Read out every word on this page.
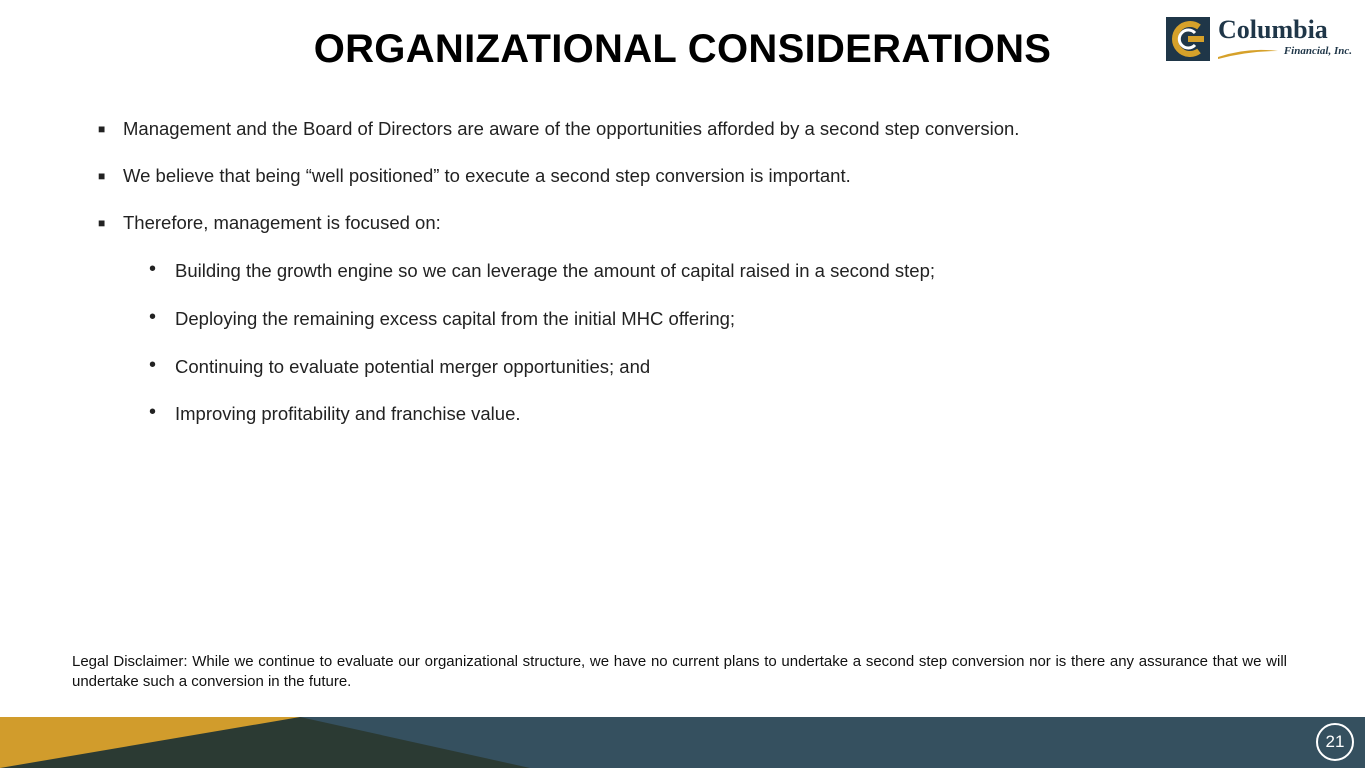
ORGANIZATIONAL CONSIDERATIONS	Columbia
Financial, Inc.
■ Management and the Board of Directors are aware of the opportunities afforded by a second step conversion.
■ We believe that being “well positioned” to execute a second step conversion is important.
■ Therefore, management is focused on:
• Building the growth engine so we can leverage the amount of capital raised in a second step;
• Deploying the remaining excess capital from the initial MHC offering;
• Continuing to evaluate potential merger opportunities; and
• Improving profitability and franchise value.

Legal Disclaimer: While we continue to evaluate our organizational structure, we have no current plans to undertake a second step conversion nor is there any assurance that we will undertake such a conversion in the future.

21
